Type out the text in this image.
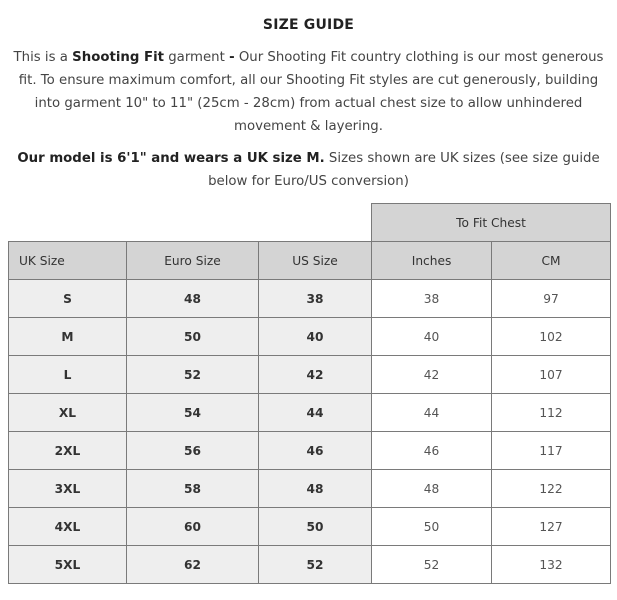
SIZE GUIDE
This is a Shooting Fit garment - Our Shooting Fit country clothing is our most generous fit. To ensure maximum comfort, all our Shooting Fit styles are cut generously, building into garment 10" to 11" (25cm - 28cm) from actual chest size to allow unhindered movement & layering.
Our model is 6'1" and wears a UK size M. Sizes shown are UK sizes (see size guide below for Euro/US conversion)
			To Fit Chest	
UK Size	Euro Size	US Size	Inches	CM
S	48	38	38	97
M	50	40	40	102
L	52	42	42	107
XL	54	44	44	112
2XL	56	46	46	117
3XL	58	48	48	122
4XL	60	50	50	127
5XL	62	52	52	132
